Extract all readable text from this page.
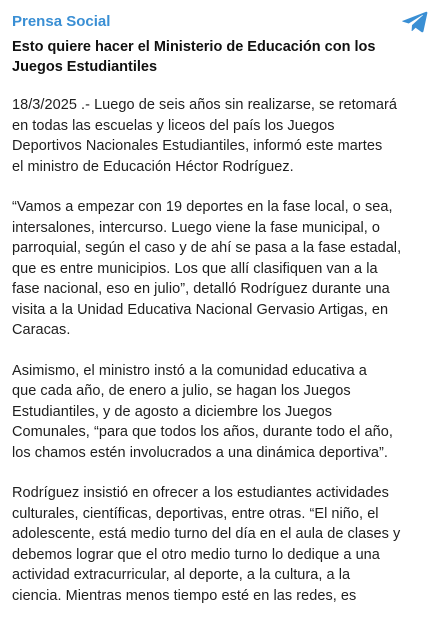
Prensa Social
Esto quiere hacer el Ministerio de Educación con los
Juegos Estudiantiles

18/3/2025 .- Luego de seis años sin realizarse, se retomará
en todas las escuelas y liceos del país los Juegos
Deportivos Nacionales Estudiantiles, informó este martes
el ministro de Educación Héctor Rodríguez.

“Vamos a empezar con 19 deportes en la fase local, o sea,
intersalones, intercurso. Luego viene la fase municipal, o
parroquial, según el caso y de ahí se pasa a la fase estadal,
que es entre municipios. Los que allí clasifiquen van a la
fase nacional, eso en julio”, detalló Rodríguez durante una
visita a la Unidad Educativa Nacional Gervasio Artigas, en
Caracas.

Asimismo, el ministro instó a la comunidad educativa a
que cada año, de enero a julio, se hagan los Juegos
Estudiantiles, y de agosto a diciembre los Juegos
Comunales, “para que todos los años, durante todo el año,
los chamos estén involucrados a una dinámica deportiva”.

Rodríguez insistió en ofrecer a los estudiantes actividades
culturales, científicas, deportivas, entre otras. “El niño, el
adolescente, está medio turno del día en el aula de clases y
debemos lograr que el otro medio turno lo dedique a una
actividad extracurricular, al deporte, a la cultura, a la
ciencia. Mientras menos tiempo esté en las redes, es
